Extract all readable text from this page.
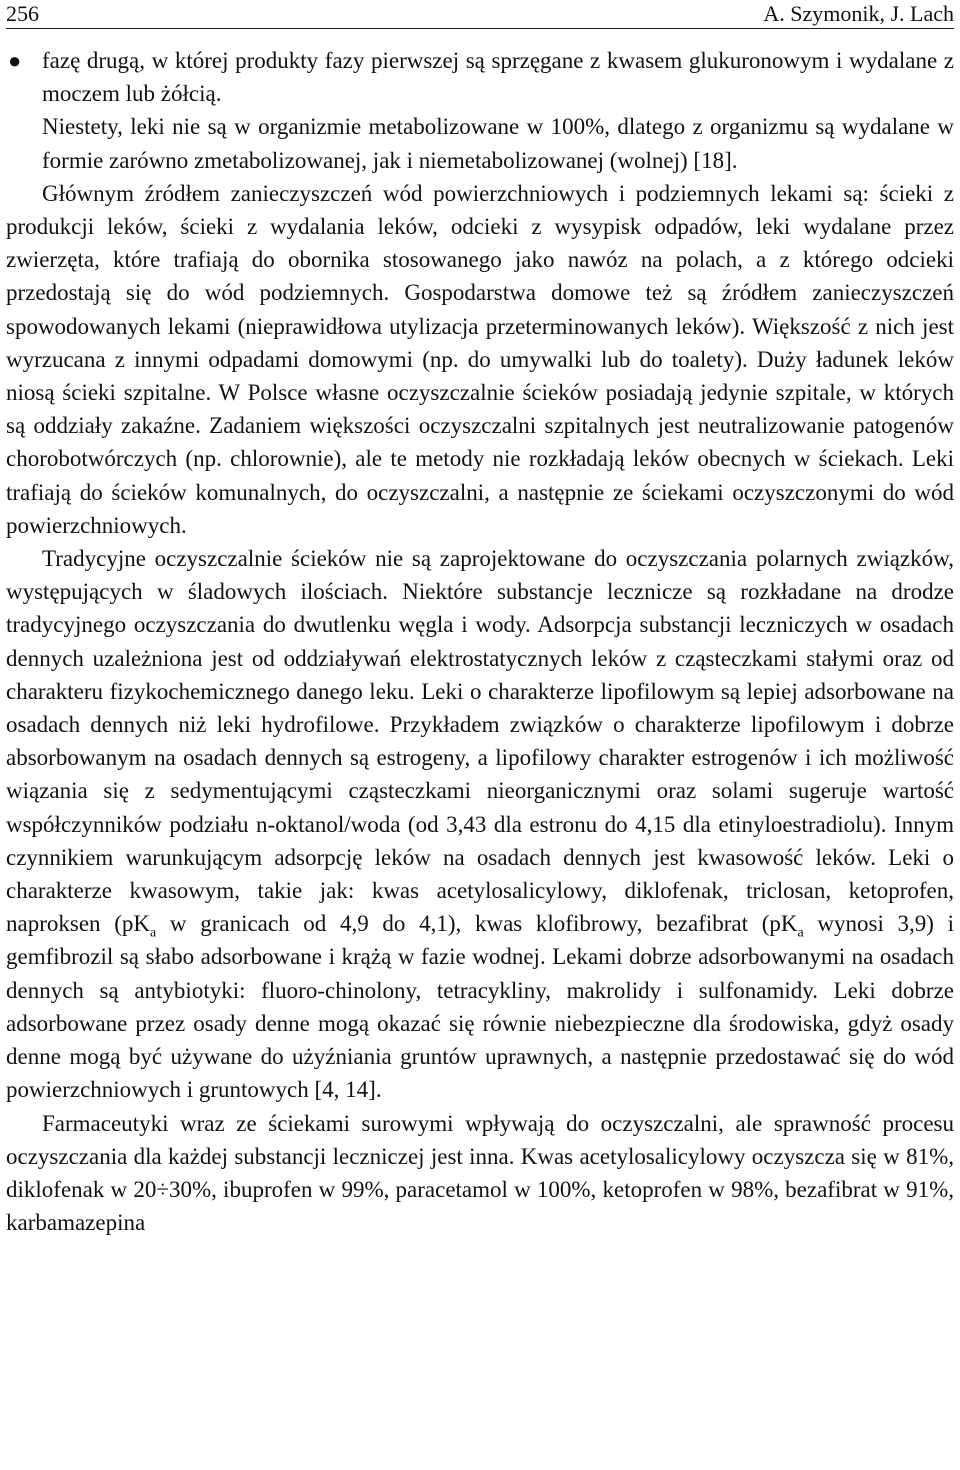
256	A. Szymonik, J. Lach
● fazę drugą, w której produkty fazy pierwszej są sprzęgane z kwasem glukuronowym i wydalane z moczem lub żółcią.

Niestety, leki nie są w organizmie metabolizowane w 100%, dlatego z organizmu są wydalane w formie zarówno zmetabolizowanej, jak i niemetabolizowanej (wolnej) [18].

Głównym źródłem zanieczyszczeń wód powierzchniowych i podziemnych lekami są: ścieki z produkcji leków, ścieki z wydalania leków, odcieki z wysypisk odpadów, leki wydalane przez zwierzęta, które trafiają do obornika stosowanego jako nawóz na polach, a z którego odcieki przedostają się do wód podziemnych. Gospodarstwa domowe też są źródłem zanieczyszczeń spowodowanych lekami (nieprawidłowa utylizacja przeterminowanych leków). Większość z nich jest wyrzucana z innymi odpadami domowymi (np. do umywalki lub do toalety). Duży ładunek leków niosą ścieki szpitalne. W Polsce własne oczyszczalnie ścieków posiadają jedynie szpitale, w których są oddziały zakaźne. Zadaniem większości oczyszczalni szpitalnych jest neutralizowanie patogenów chorobotwórczych (np. chlorownie), ale te metody nie rozkładają leków obecnych w ściekach. Leki trafiają do ścieków komunalnych, do oczyszczalni, a następnie ze ściekami oczyszczonymi do wód powierzchniowych.

Tradycyjne oczyszczalnie ścieków nie są zaprojektowane do oczyszczania polarnych związków, występujących w śladowych ilościach. Niektóre substancje lecznicze są rozkładane na drodze tradycyjnego oczyszczania do dwutlenku węgla i wody. Adsorpcja substancji leczniczych w osadach dennych uzależniona jest od oddziaływań elektrostatycznych leków z cząsteczkami stałymi oraz od charakteru fizykochemicznego danego leku. Leki o charakterze lipofilowym są lepiej adsorbowane na osadach dennych niż leki hydrofilowe. Przykładem związków o charakterze lipofilowym i dobrze absorbowanym na osadach dennych są estrogeny, a lipofilowy charakter estrogenów i ich możliwość wiązania się z sedymentującymi cząsteczkami nieorganicznymi oraz solami sugeruje wartość współczynników podziału n-oktanol/woda (od 3,43 dla estronu do 4,15 dla etinyloestradiolu). Innym czynnikiem warunkującym adsorpcję leków na osadach dennych jest kwasowość leków. Leki o charakterze kwasowym, takie jak: kwas acetylosalicylowy, diklofenak, triclosan, ketoprofen, naproksen ($pK_a$ w granicach od 4,9 do 4,1), kwas klofibrowy, bezafibrat ($pK_a$ wynosi 3,9) i gemfibrozil są słabo adsorbowane i krążą w fazie wodnej. Lekami dobrze adsorbowanymi na osadach dennych są antybiotyki: fluoro-chinolony, tetracykliny, makrolidy i sulfonamidy. Leki dobrze adsorbowane przez osady denne mogą okazać się równie niebezpieczne dla środowiska, gdyż osady denne mogą być używane do użyźniania gruntów uprawnych, a następnie przedostawać się do wód powierzchniowych i gruntowych [4, 14].

Farmaceutyki wraz ze ściekami surowymi wpływają do oczyszczalni, ale sprawność procesu oczyszczania dla każdej substancji leczniczej jest inna. Kwas acetylosalicylowy oczyszcza się w 81%, diklofenak w 20÷30%, ibuprofen w 99%, paracetamol w 100%, ketoprofen w 98%, bezafibrat w 91%, karbamazepina
